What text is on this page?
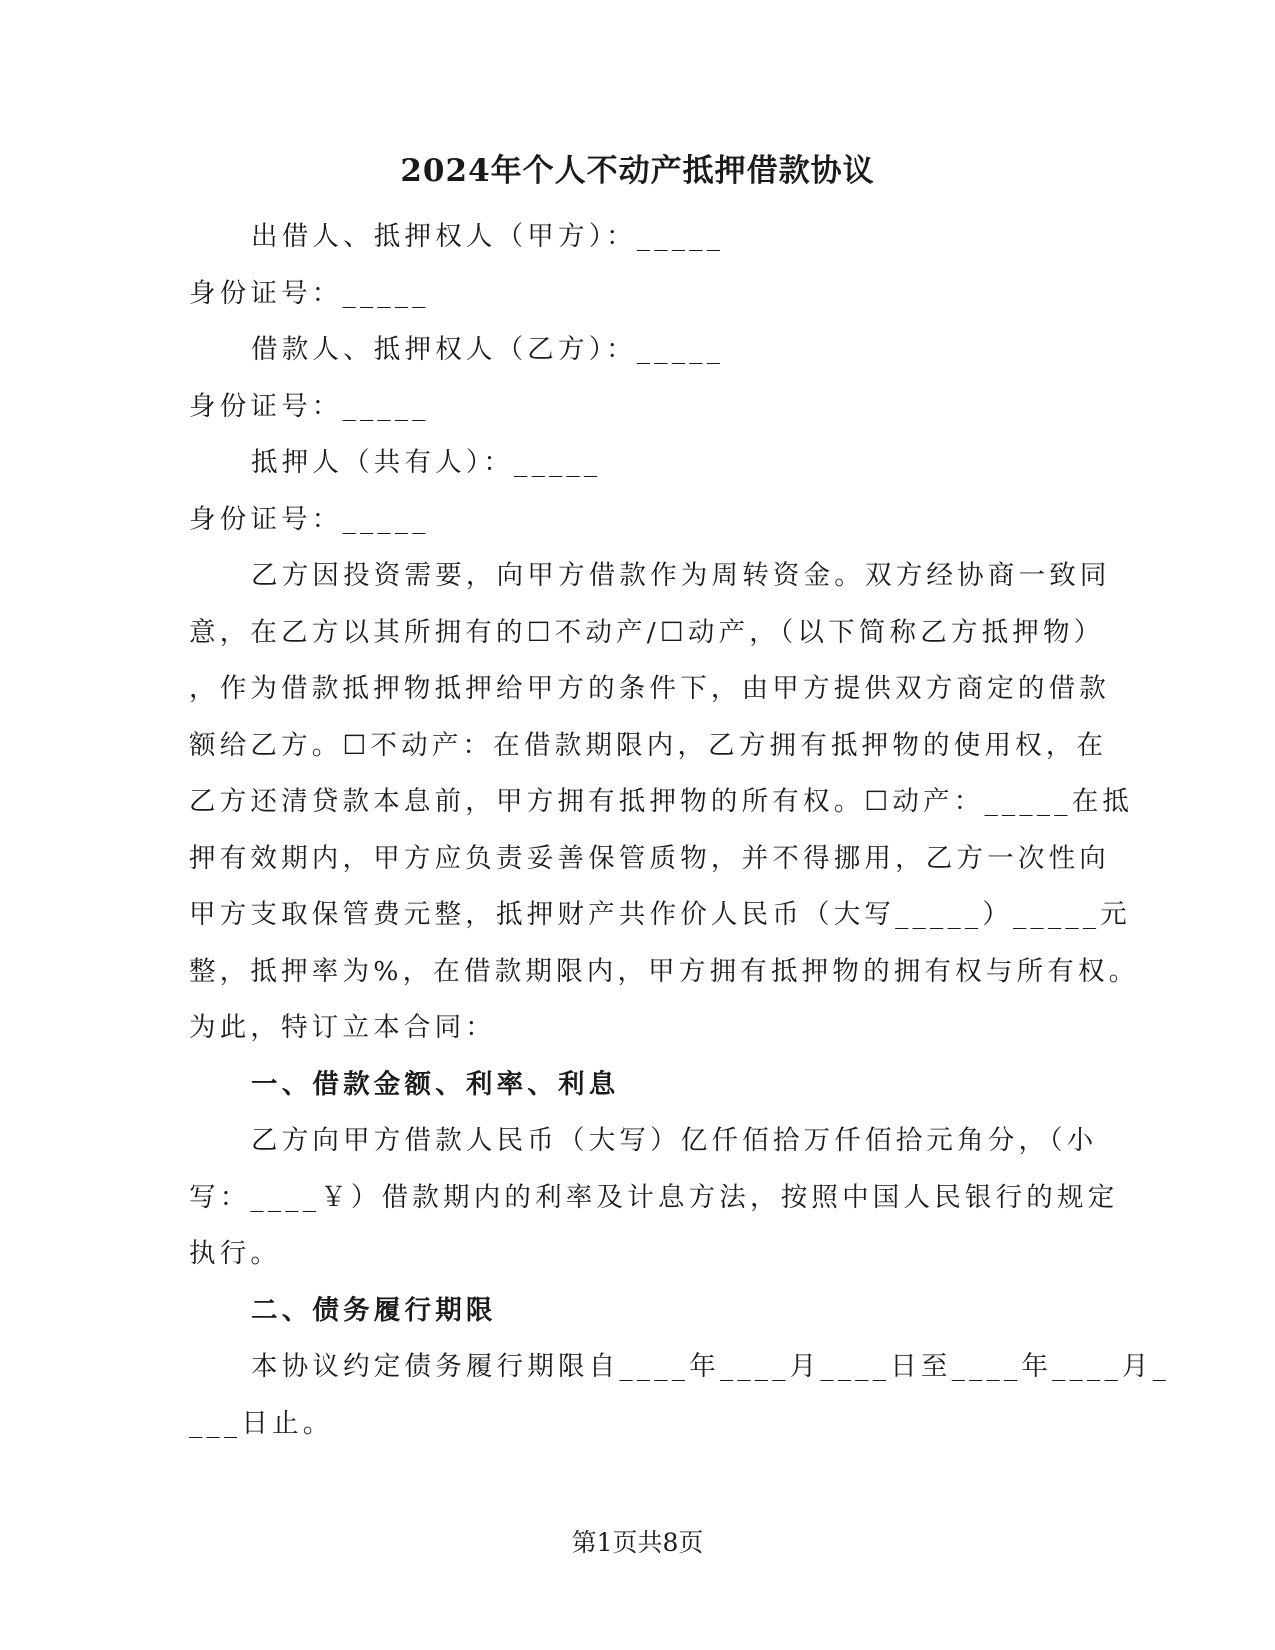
2024年个人不动产抵押借款协议

出借人、抵押权人（甲方）：_____

身份证号：_____

借款人、抵押权人（乙方）：_____

身份证号：_____

抵押人（共有人）：_____

身份证号：_____

乙方因投资需要，向甲方借款作为周转资金。双方经协商一致同

意，在乙方以其所拥有的☐不动产/☐动产，（以下简称乙方抵押物）

，作为借款抵押物抵押给甲方的条件下，由甲方提供双方商定的借款

额给乙方。☐不动产：在借款期限内，乙方拥有抵押物的使用权，在

乙方还清贷款本息前，甲方拥有抵押物的所有权。☐动产：_____在抵

押有效期内，甲方应负责妥善保管质物，并不得挪用，乙方一次性向

甲方支取保管费元整，抵押财产共作价人民币（大写_____）_____元

整，抵押率为%，在借款期限内，甲方拥有抵押物的拥有权与所有权。

为此，特订立本合同：

一、借款金额、利率、利息

乙方向甲方借款人民币（大写）亿仟佰拾万仟佰拾元角分，（小

写：____￥）借款期内的利率及计息方法，按照中国人民银行的规定

执行。

二、债务履行期限

本协议约定债务履行期限自____年____月____日至____年____月_

___日止。

第1页共8页
